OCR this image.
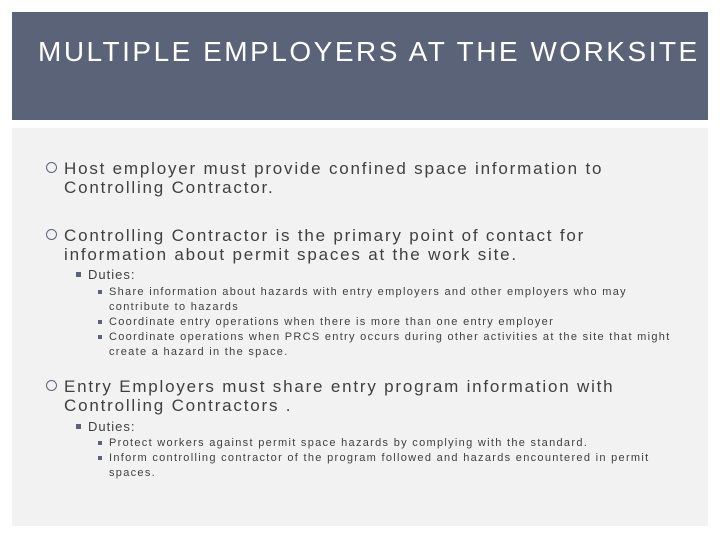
MULTIPLE EMPLOYERS AT THE WORKSITE
Host employer must provide confined space information to Controlling Contractor.
Controlling Contractor is the primary point of contact for information about permit spaces at the work site.
Duties:
Share information about hazards with entry employers and other employers who may contribute to hazards
Coordinate entry operations when there is more than one entry employer
Coordinate operations when PRCS entry occurs during other activities at the site that might create a hazard in the space.
Entry Employers must share entry program information with Controlling Contractors .
Duties:
Protect workers against permit space hazards by complying with the standard.
Inform controlling contractor of the program followed and hazards encountered in permit spaces.
